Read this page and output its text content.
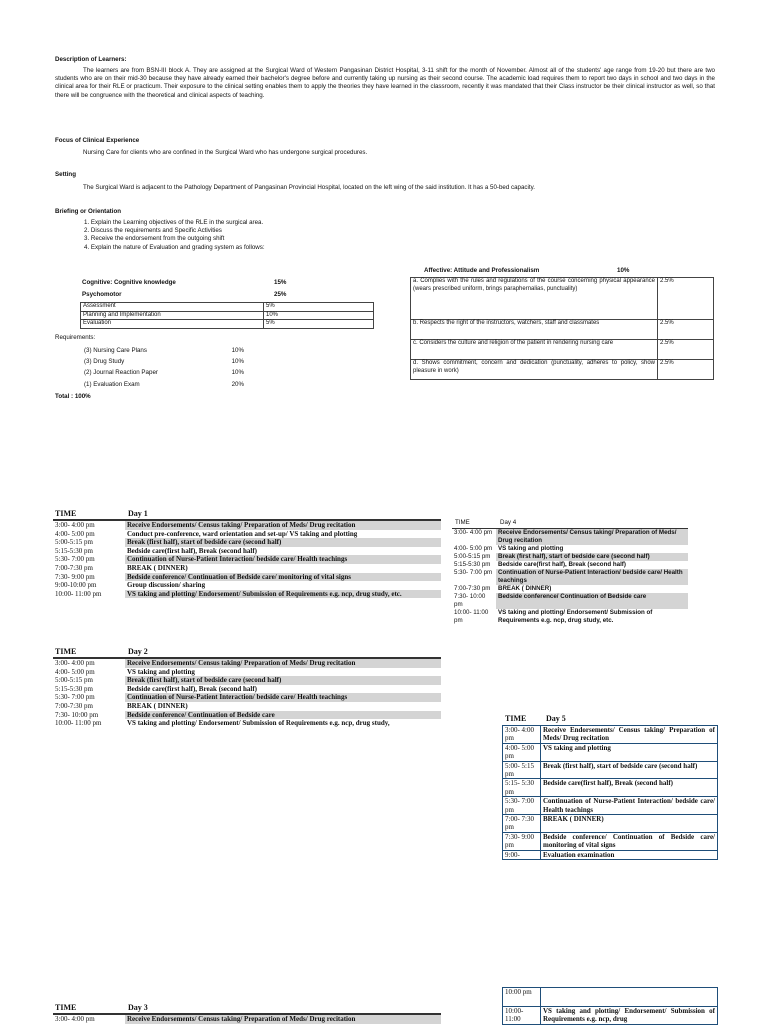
Description of Learners:
The learners are from BSN-III block A. They are assigned at the Surgical Ward of Western Pangasinan District Hospital, 3-11 shift for the month of November. Almost all of the students' age range from 19-20 but there are two students who are on their mid-30 because they have already earned their bachelor's degree before and currently taking up nursing as their second course. The academic load requires them to report two days in school and two days in the clinical area for their RLE or practicum. Their exposure to the clinical setting enables them to apply the theories they have learned in the classroom, recently it was mandated that their Class instructor be their clinical instructor as well, so that there will be congruence with the theoretical and clinical aspects of teaching.
Focus of Clinical Experience
Nursing Care for clients who are confined in the Surgical Ward who has undergone surgical procedures.
Setting
The Surgical Ward is adjacent to the Pathology Department of Pangasinan Provincial Hospital, located on the left wing of the said institution. It has a 50-bed capacity.
Briefing or Orientation
1. Explain the Learning objectives of the RLE in the surgical area.
2. Discuss the requirements and Specific Activities
3. Receive the endorsement from the outgoing shift
4. Explain the nature of Evaluation and grading system as follows:
Cognitive: Cognitive knowledge	15%
Psychomotor	25%
Assessment	5%
Planning and Implementation	10%
Evaluation	5%
Requirements:
(3) Nursing Care Plans	10%
(3) Drug Study	10%
(2) Journal Reaction Paper	10%
(1) Evaluation Exam	20%
Total : 100%
Affective: Attitude and Professionalism	10%
a. Complies with the rules and regulations of the course concerning physical appearance (wears prescribed uniform, brings paraphernalias, punctuality)	2.5%
b. Respects the right of the instructors, watchers, staff and classmates	2.5%
c. Considers the culture and religion of the patient in rendering nursing care	2.5%
d. Shows commitment, concern and dedication (punctuality, adheres to policy, show pleasure in work)	2.5%
TIME	Day 1
3:00- 4:00 pm	Receive Endorsements/ Census taking/ Preparation of Meds/ Drug recitation
4:00- 5:00 pm	Conduct pre-conference, ward orientation and set-up/ VS taking and plotting
5:00-5:15 pm	Break (first half), start of bedside care (second half)
5:15-5:30 pm	Bedside care(first half), Break (second half)
5:30- 7:00 pm	Continuation of Nurse-Patient Interaction/ bedside care/ Health teachings
7:00-7:30 pm	BREAK ( DINNER)
7:30- 9:00 pm	Bedside conference/ Continuation of Bedside care/ monitoring of vital signs
9:00-10:00 pm	Group discussion/ sharing
10:00- 11:00 pm	VS taking and plotting/ Endorsement/ Submission of Requirements e.g. ncp, drug study, etc.
TIME	Day 2
3:00- 4:00 pm	Receive Endorsements/ Census taking/ Preparation of Meds/ Drug recitation
4:00- 5:00 pm	VS taking and plotting
5:00-5:15 pm	Break (first half), start of bedside care (second half)
5:15-5:30 pm	Bedside care(first half), Break (second half)
5:30- 7:00 pm	Continuation of Nurse-Patient Interaction/ bedside care/ Health teachings
7:00-7:30 pm	BREAK ( DINNER)
7:30- 10:00 pm	Bedside conference/ Continuation of Bedside care
10:00- 11:00 pm	VS taking and plotting/ Endorsement/ Submission of Requirements e.g. ncp, drug study,
TIME	Day 3
3:00- 4:00 pm	Receive Endorsements/ Census taking/ Preparation of Meds/ Drug recitation
TIME	Day 4
3:00- 4:00 pm	Receive Endorsements/ Census taking/ Preparation of Meds/ Drug recitation
4:00- 5:00 pm	VS taking and plotting
5:00-5:15 pm	Break (first half), start of bedside care (second half)
5:15-5:30 pm	Bedside care(first half), Break (second half)
5:30- 7:00 pm	Continuation of Nurse-Patient Interaction/ bedside care/ Health teachings
7:00-7:30 pm	BREAK ( DINNER)
7:30- 10:00 pm	Bedside conference/ Continuation of Bedside care
10:00- 11:00 pm	VS taking and plotting/ Endorsement/ Submission of Requirements e.g. ncp, drug study, etc.
TIME Day 5
3:00- 4:00 pm	Receive Endorsements/ Census taking/ Preparation of Meds/ Drug recitation
4:00- 5:00 pm	VS taking and plotting
5:00- 5:15 pm	Break (first half), start of bedside care (second half)
5:15- 5:30 pm	Bedside care(first half), Break (second half)
5:30- 7:00 pm	Continuation of Nurse-Patient Interaction/ bedside care/ Health teachings
7:00- 7:30 pm	BREAK ( DINNER)
7:30- 9:00 pm	Bedside conference/ Continuation of Bedside care/ monitoring of vital signs
9:00-	Evaluation examination
10:00 pm	
10:00- 11:00	VS taking and plotting/ Endorsement/ Submission of Requirements e.g. ncp, drug
